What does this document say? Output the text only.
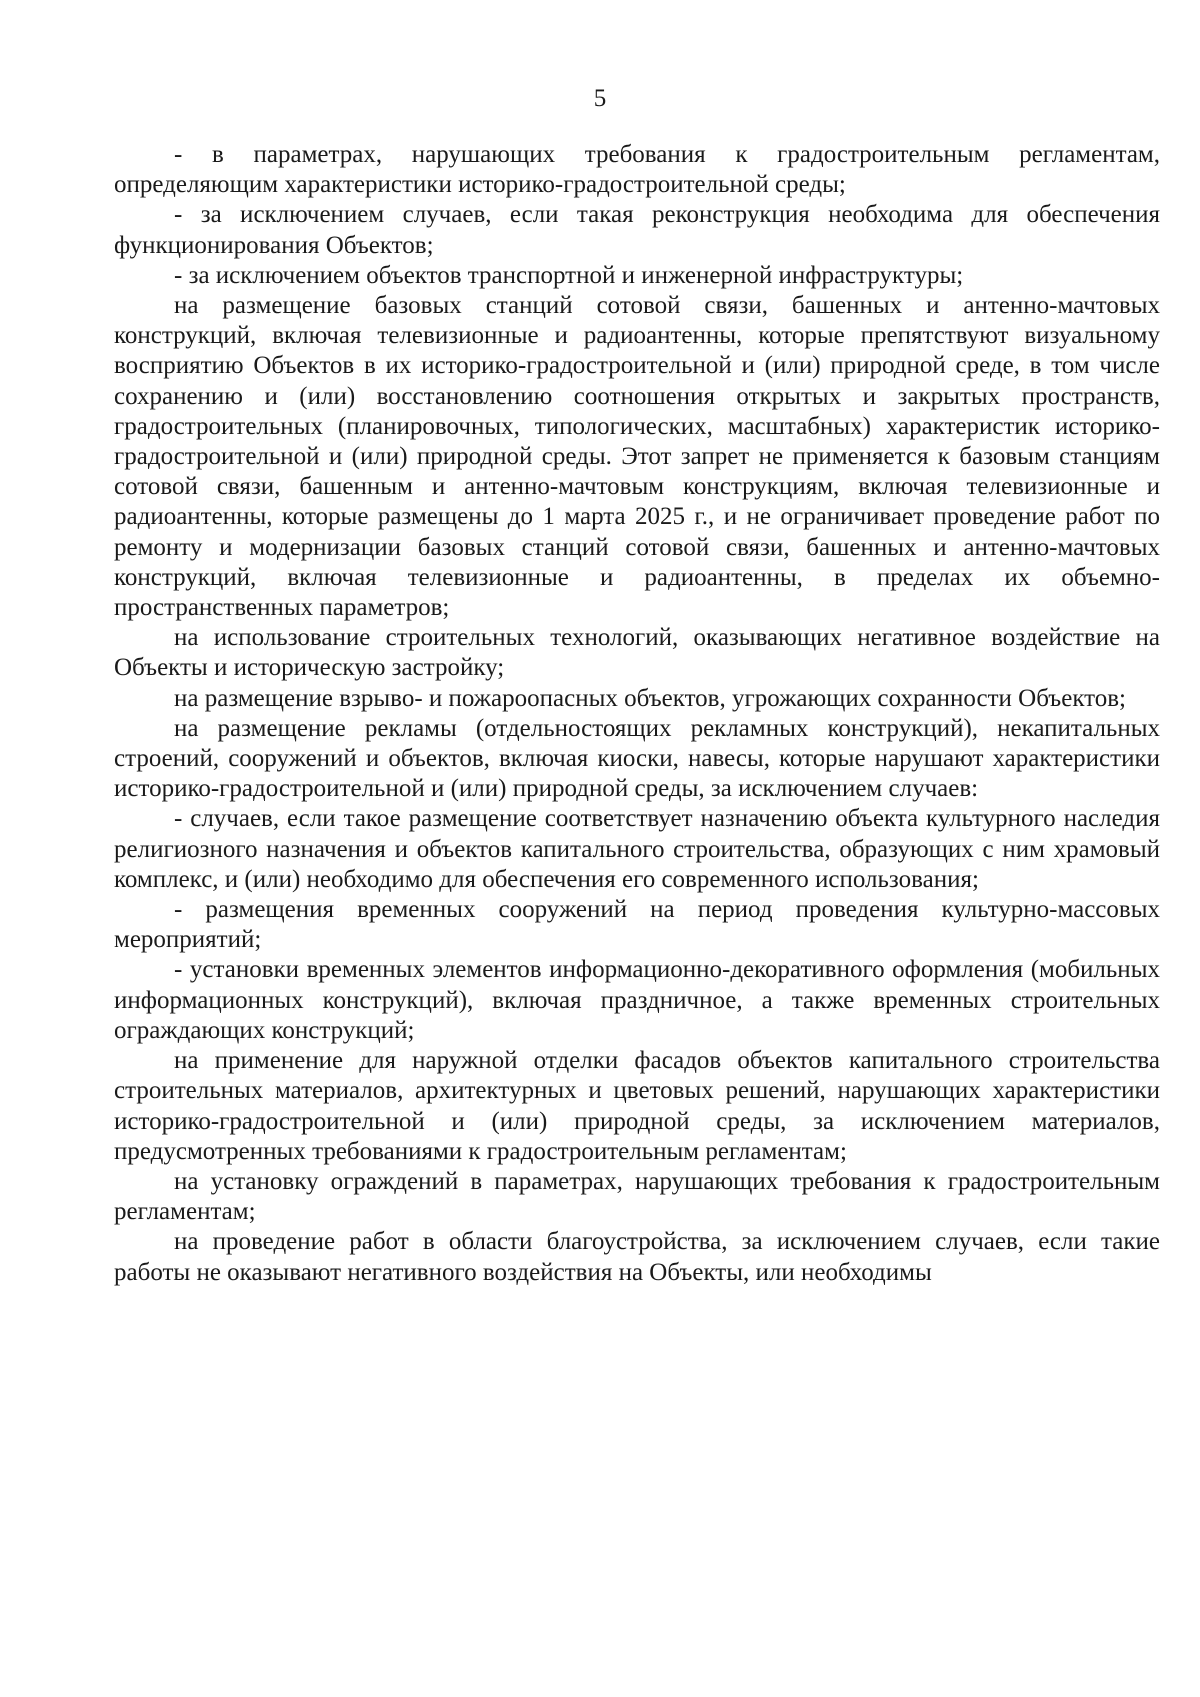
5

- в параметрах, нарушающих требования к градостроительным регламентам, определяющим характеристики историко-градостроительной среды;

- за исключением случаев, если такая реконструкция необходима для обеспечения функционирования Объектов;

- за исключением объектов транспортной и инженерной инфраструктуры;

на размещение базовых станций сотовой связи, башенных и антенно-мачтовых конструкций, включая телевизионные и радиоантенны, которые препятствуют визуальному восприятию Объектов в их историко-градостроительной и (или) природной среде, в том числе сохранению и (или) восстановлению соотношения открытых и закрытых пространств, градостроительных (планировочных, типологических, масштабных) характеристик историко-градостроительной и (или) природной среды. Этот запрет не применяется к базовым станциям сотовой связи, башенным и антенно-мачтовым конструкциям, включая телевизионные и радиоантенны, которые размещены до 1 марта 2025 г., и не ограничивает проведение работ по ремонту и модернизации базовых станций сотовой связи, башенных и антенно-мачтовых конструкций, включая телевизионные и радиоантенны, в пределах их объемно-пространственных параметров;

на использование строительных технологий, оказывающих негативное воздействие на Объекты и историческую застройку;

на размещение взрыво- и пожароопасных объектов, угрожающих сохранности Объектов;

на размещение рекламы (отдельностоящих рекламных конструкций), некапитальных строений, сооружений и объектов, включая киоски, навесы, которые нарушают характеристики историко-градостроительной и (или) природной среды, за исключением случаев:

- случаев, если такое размещение соответствует назначению объекта культурного наследия религиозного назначения и объектов капитального строительства, образующих с ним храмовый комплекс, и (или) необходимо для обеспечения его современного использования;

- размещения временных сооружений на период проведения культурно-массовых мероприятий;

- установки временных элементов информационно-декоративного оформления (мобильных информационных конструкций), включая праздничное, а также временных строительных ограждающих конструкций;

на применение для наружной отделки фасадов объектов капитального строительства строительных материалов, архитектурных и цветовых решений, нарушающих характеристики историко-градостроительной и (или) природной среды, за исключением материалов, предусмотренных требованиями к градостроительным регламентам;

на установку ограждений в параметрах, нарушающих требования к градостроительным регламентам;

на проведение работ в области благоустройства, за исключением случаев, если такие работы не оказывают негативного воздействия на Объекты, или необходимы
